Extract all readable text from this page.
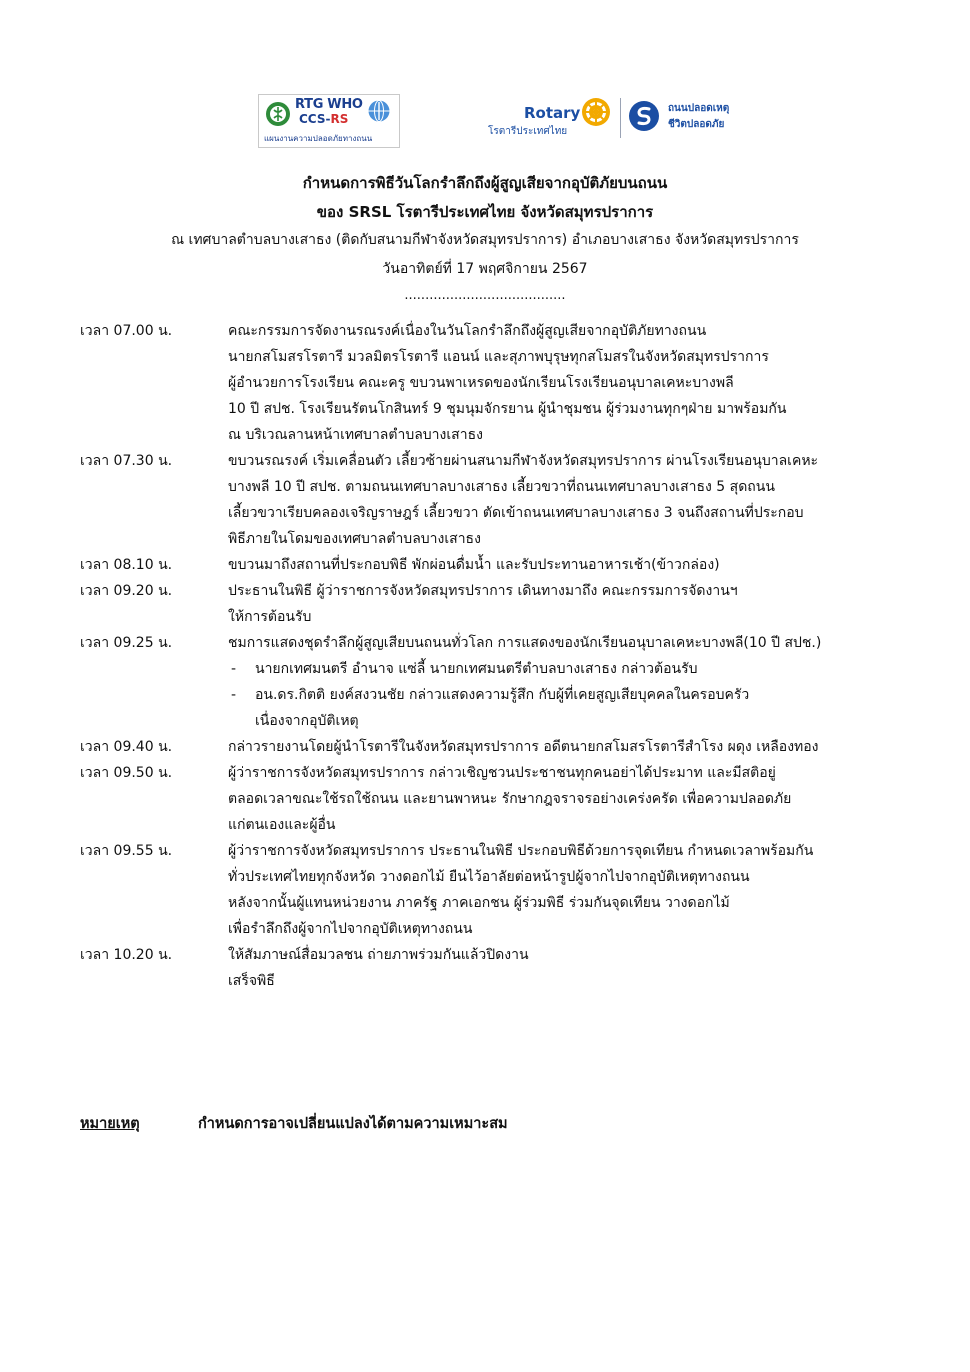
RTG WHO
CCS-RS
แผนงานความปลอดภัยทางถนน
Rotary
โรตารีประเทศไทย
ถนนปลอดเหตุ
ชีวิตปลอดภัย
กำหนดการพิธีวันโลกรำลึกถึงผู้สูญเสียจากอุบัติภัยบนถนน
ของ SRSL โรตารีประเทศไทย จังหวัดสมุทรปราการ
ณ เทศบาลตำบลบางเสาธง (ติดกับสนามกีฬาจังหวัดสมุทรปราการ) อำเภอบางเสาธง จังหวัดสมุทรปราการ
วันอาทิตย์ที่ 17 พฤศจิกายน 2567
.......................................
เวลา 07.00 น.	คณะกรรมการจัดงานรณรงค์เนื่องในวันโลกรำลึกถึงผู้สูญเสียจากอุบัติภัยทางถนน
นายกสโมสรโรตารี มวลมิตรโรตารี แอนน์ และสุภาพบุรุษทุกสโมสรในจังหวัดสมุทรปราการ
ผู้อำนวยการโรงเรียน คณะครู ขบวนพาเหรดของนักเรียนโรงเรียนอนุบาลเคหะบางพลี
10 ปี สปช. โรงเรียนรัตนโกสินทร์ 9 ชุมนุมจักรยาน ผู้นำชุมชน ผู้ร่วมงานทุกๆฝ่าย มาพร้อมกัน
ณ บริเวณลานหน้าเทศบาลตำบลบางเสาธง
เวลา 07.30 น.	ขบวนรณรงค์ เริ่มเคลื่อนตัว เลี้ยวซ้ายผ่านสนามกีฬาจังหวัดสมุทรปราการ ผ่านโรงเรียนอนุบาลเคหะ
บางพลี 10 ปี สปช. ตามถนนเทศบาลบางเสาธง เลี้ยวขวาที่ถนนเทศบาลบางเสาธง 5 สุดถนน
เลี้ยวขวาเรียบคลองเจริญราษฎร์ เลี้ยวขวา ตัดเข้าถนนเทศบาลบางเสาธง 3 จนถึงสถานที่ประกอบ
พิธีภายในโดมของเทศบาลตำบลบางเสาธง
เวลา 08.10 น.	ขบวนมาถึงสถานที่ประกอบพิธี พักผ่อนดื่มน้ำ และรับประทานอาหารเช้า(ข้าวกล่อง)
เวลา 09.20 น.	ประธานในพิธี ผู้ว่าราชการจังหวัดสมุทรปราการ เดินทางมาถึง คณะกรรมการจัดงานฯ
ให้การต้อนรับ
เวลา 09.25 น.	ชมการแสดงชุดรำลึกผู้สูญเสียบนถนนทั่วโลก การแสดงของนักเรียนอนุบาลเคหะบางพลี(10 ปี สปช.)
- นายกเทศมนตรี อำนาจ แซ่ลี้ นายกเทศมนตรีตำบลบางเสาธง กล่าวต้อนรับ
- อน.ดร.กิตติ ยงค์สงวนชัย กล่าวแสดงความรู้สึก กับผู้ที่เคยสูญเสียบุคคลในครอบครัว
เนื่องจากอุบัติเหตุ
เวลา 09.40 น.	กล่าวรายงานโดยผู้นำโรตารีในจังหวัดสมุทรปราการ อดีตนายกสโมสรโรตารีสำโรง ผดุง เหลืองทอง
เวลา 09.50 น.	ผู้ว่าราชการจังหวัดสมุทรปราการ กล่าวเชิญชวนประชาชนทุกคนอย่าได้ประมาท และมีสติอยู่
ตลอดเวลาขณะใช้รถใช้ถนน และยานพาหนะ รักษากฎจราจรอย่างเคร่งครัด เพื่อความปลอดภัย
แก่ตนเองและผู้อื่น
เวลา 09.55 น.	ผู้ว่าราชการจังหวัดสมุทรปราการ ประธานในพิธี ประกอบพิธีด้วยการจุดเทียน กำหนดเวลาพร้อมกัน
ทั่วประเทศไทยทุกจังหวัด วางดอกไม้ ยืนไว้อาลัยต่อหน้ารูปผู้จากไปจากอุบัติเหตุทางถนน
หลังจากนั้นผู้แทนหน่วยงาน ภาครัฐ ภาคเอกชน ผู้ร่วมพิธี ร่วมกันจุดเทียน วางดอกไม้
เพื่อรำลึกถึงผู้จากไปจากอุบัติเหตุทางถนน
เวลา 10.20 น.	ให้สัมภาษณ์สื่อมวลชน ถ่ายภาพร่วมกันแล้วปิดงาน
เสร็จพิธี
หมายเหตุ	กำหนดการอาจเปลี่ยนแปลงได้ตามความเหมาะสม
